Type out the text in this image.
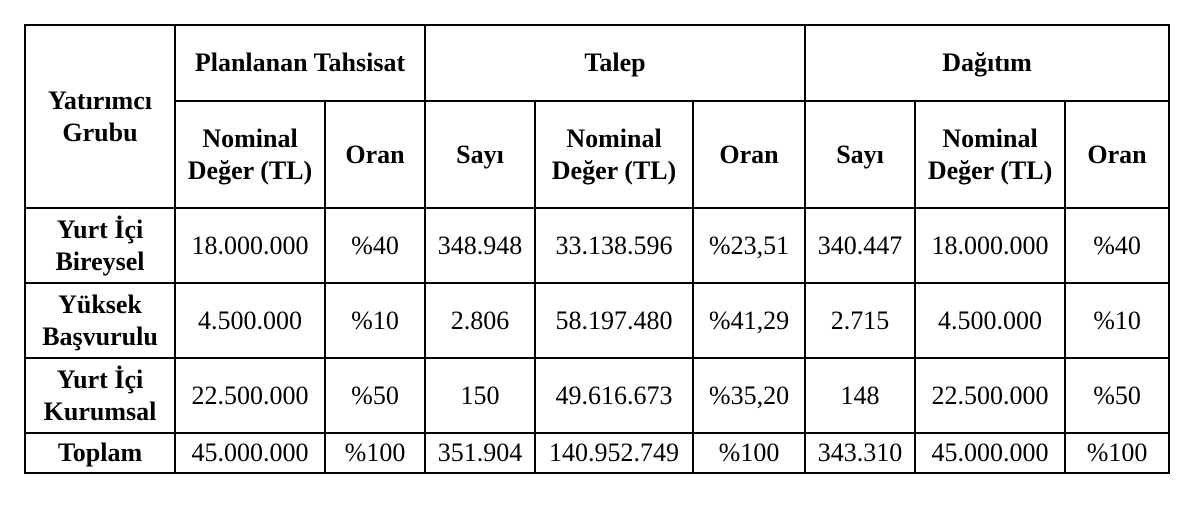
Yatırımcı Grubu	Planlanan Tahsisat		Talep			Dağıtım		
	Nominal Değer (TL)	Oran	Sayı	Nominal Değer (TL)	Oran	Sayı	Nominal Değer (TL)	Oran
Yurt İçi Bireysel	18.000.000	%40	348.948	33.138.596	%23,51	340.447	18.000.000	%40
Yüksek Başvurulu	4.500.000	%10	2.806	58.197.480	%41,29	2.715	4.500.000	%10
Yurt İçi Kurumsal	22.500.000	%50	150	49.616.673	%35,20	148	22.500.000	%50
Toplam	45.000.000	%100	351.904	140.952.749	%100	343.310	45.000.000	%100
